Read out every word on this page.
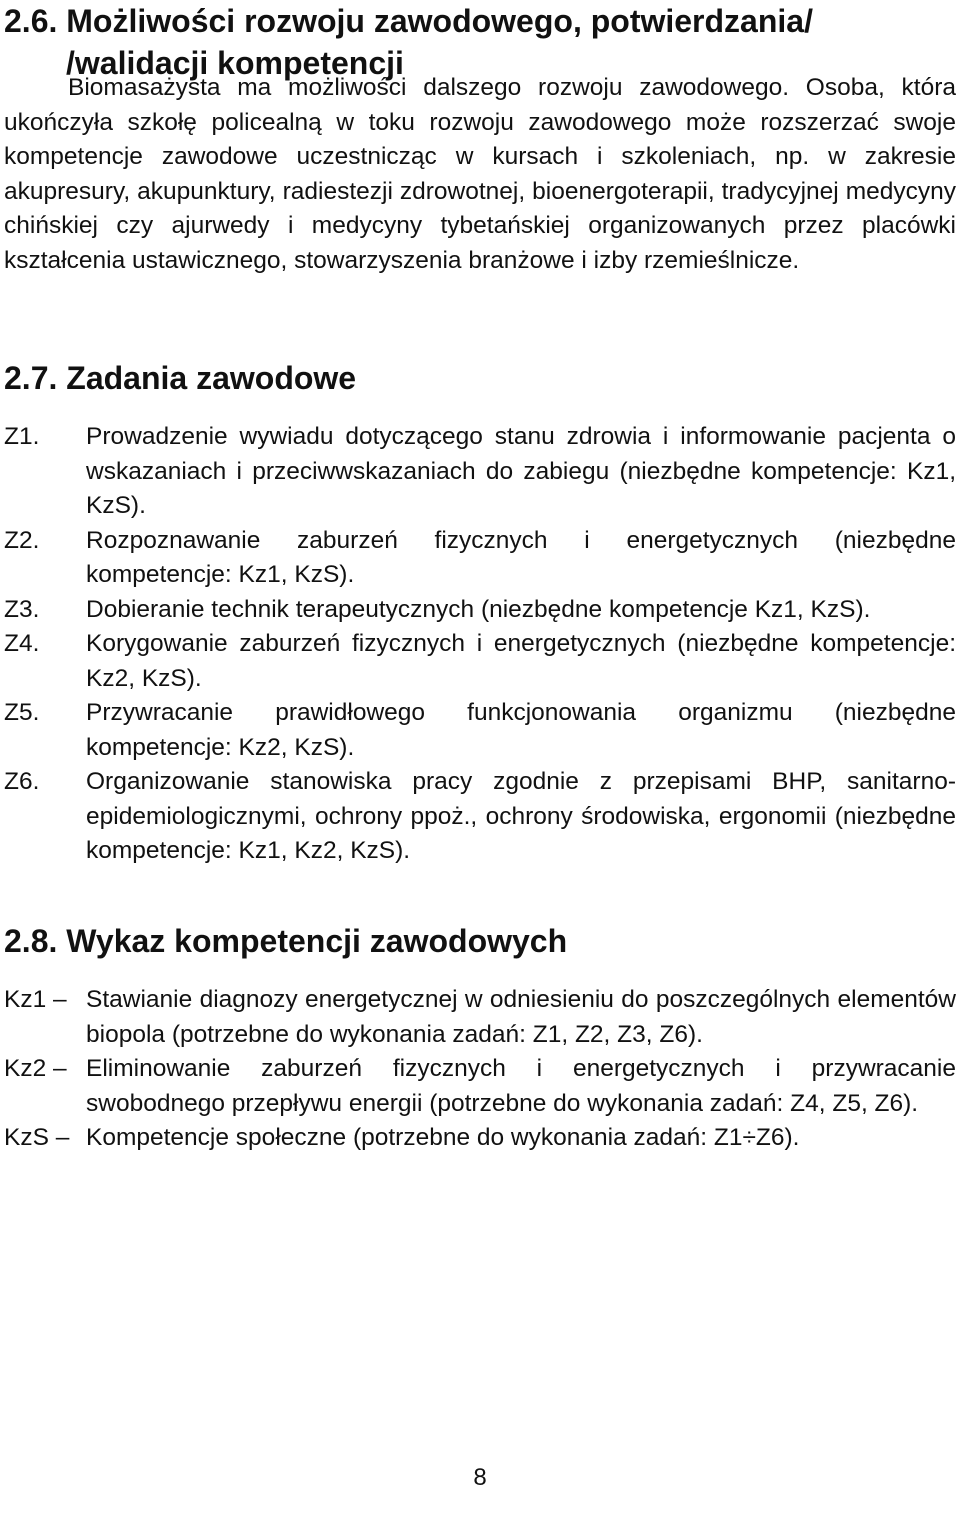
2.6. Możliwości rozwoju zawodowego, potwierdzania/
/walidacji kompetencji

Biomasażysta ma możliwości dalszego rozwoju zawodowego. Osoba, która ukończyła szkołę policealną w toku rozwoju zawodowego może rozszerzać swoje kompetencje zawodowe uczestnicząc w kursach i szkoleniach, np. w zakresie akupresury, akupunktury, radiestezji zdrowotnej, bioenergoterapii, tradycyjnej medycyny chińskiej czy ajurwedy i medycyny tybetańskiej organizowanych przez placówki kształcenia ustawicznego, stowarzyszenia branżowe i izby rzemieślnicze.

2.7. Zadania zawodowe
Z1.	Prowadzenie wywiadu dotyczącego stanu zdrowia i informowanie pacjenta o wskazaniach i przeciwwskazaniach do zabiegu (niezbędne kompetencje: Kz1, KzS).
Z2.	Rozpoznawanie zaburzeń fizycznych i energetycznych (niezbędne kompetencje: Kz1, KzS).
Z3.	Dobieranie technik terapeutycznych (niezbędne kompetencje Kz1, KzS).
Z4.	Korygowanie zaburzeń fizycznych i energetycznych (niezbędne kompetencje: Kz2, KzS).
Z5.	Przywracanie prawidłowego funkcjonowania organizmu (niezbędne kompetencje: Kz2, KzS).
Z6.	Organizowanie stanowiska pracy zgodnie z przepisami BHP, sanitarno-epidemiologicznymi, ochrony ppoż., ochrony środowiska, ergonomii (niezbędne kompetencje: Kz1, Kz2, KzS).
2.8. Wykaz kompetencji zawodowych
Kz1 – Stawianie diagnozy energetycznej w odniesieniu do poszczególnych elementów biopola (potrzebne do wykonania zadań: Z1, Z2, Z3, Z6).
Kz2 – Eliminowanie zaburzeń fizycznych i energetycznych i przywracanie swobodnego przepływu energii (potrzebne do wykonania zadań: Z4, Z5, Z6).
KzS – Kompetencje społeczne (potrzebne do wykonania zadań: Z1÷Z6).
8
